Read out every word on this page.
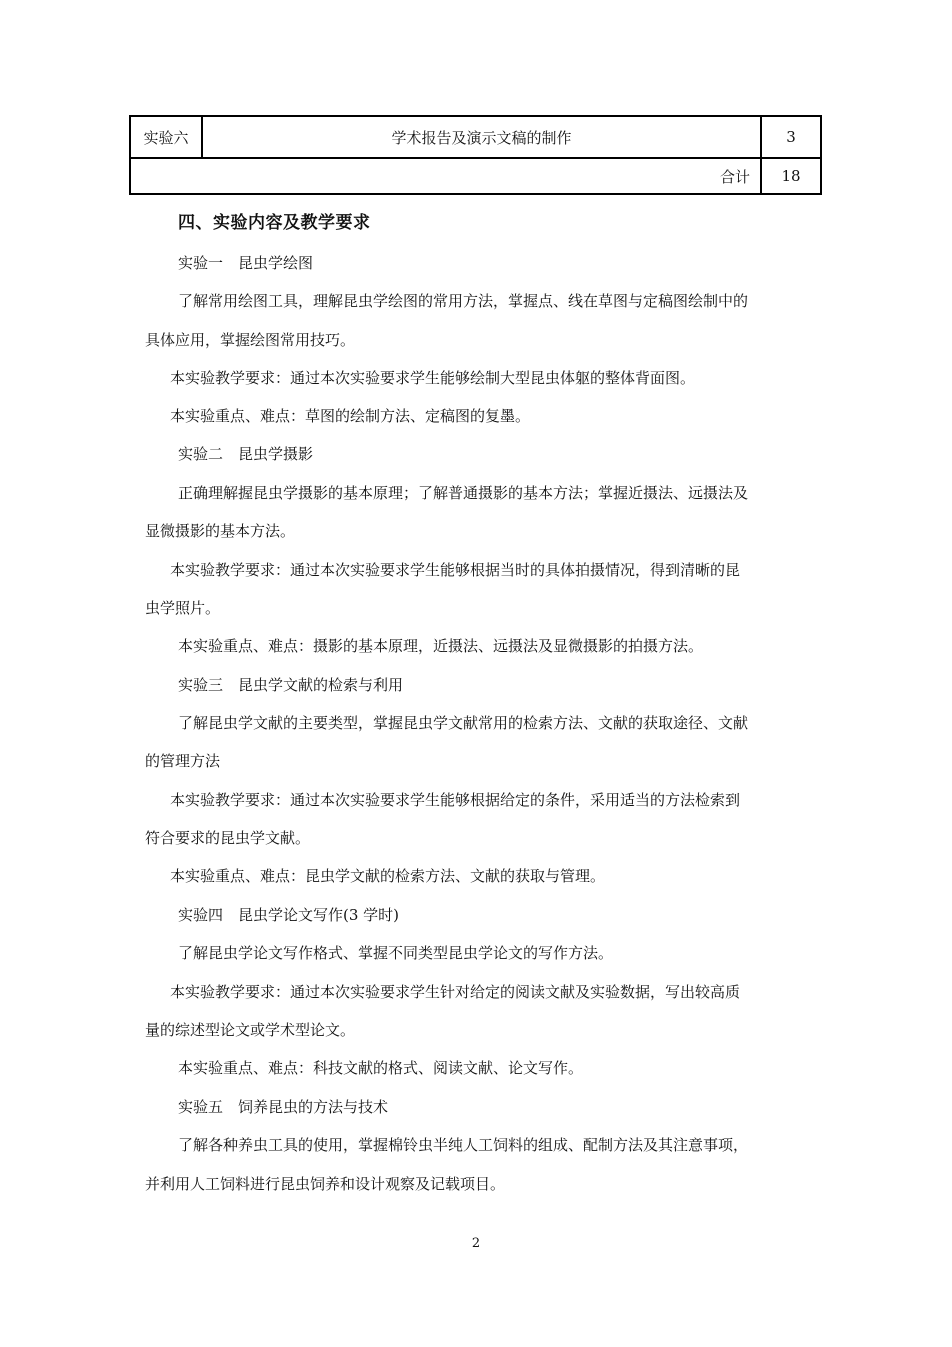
实验六	学术报告及演示文稿的制作	3
合计		18
四、实验内容及教学要求
实验一　昆虫学绘图
了解常用绘图工具，理解昆虫学绘图的常用方法，掌握点、线在草图与定稿图绘制中的
具体应用，掌握绘图常用技巧。
本实验教学要求：通过本次实验要求学生能够绘制大型昆虫体躯的整体背面图。
本实验重点、难点：草图的绘制方法、定稿图的复墨。
实验二　昆虫学摄影
正确理解握昆虫学摄影的基本原理；了解普通摄影的基本方法；掌握近摄法、远摄法及
显微摄影的基本方法。
本实验教学要求：通过本次实验要求学生能够根据当时的具体拍摄情况，得到清晰的昆
虫学照片。
本实验重点、难点：摄影的基本原理，近摄法、远摄法及显微摄影的拍摄方法。
实验三　昆虫学文献的检索与利用
了解昆虫学文献的主要类型，掌握昆虫学文献常用的检索方法、文献的获取途径、文献
的管理方法
本实验教学要求：通过本次实验要求学生能够根据给定的条件，采用适当的方法检索到
符合要求的昆虫学文献。
本实验重点、难点：昆虫学文献的检索方法、文献的获取与管理。
实验四　昆虫学论文写作(3 学时)
了解昆虫学论文写作格式、掌握不同类型昆虫学论文的写作方法。
本实验教学要求：通过本次实验要求学生针对给定的阅读文献及实验数据，写出较高质
量的综述型论文或学术型论文。
本实验重点、难点：科技文献的格式、阅读文献、论文写作。
实验五　饲养昆虫的方法与技术
了解各种养虫工具的使用，掌握棉铃虫半纯人工饲料的组成、配制方法及其注意事项，
并利用人工饲料进行昆虫饲养和设计观察及记载项目。
2
